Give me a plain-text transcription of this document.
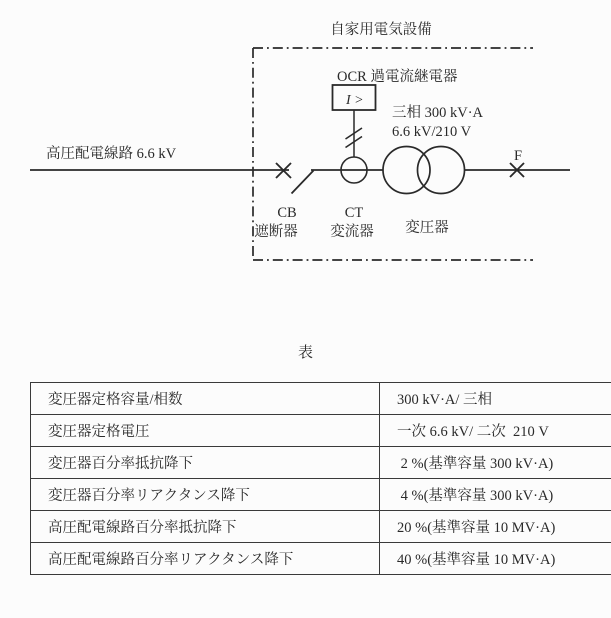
自家用電気設備
OCR 過電流継電器
I >
F
高圧配電線路 6.6 kV
三相 300 kV·A
6.6 kV/210 V
CB
遮断器
CT
変流器 変圧器
表
変圧器定格容量/相数	300 kV·A/ 三相
変圧器定格電圧	一次 6.6 kV/ 二次  210 V
変圧器百分率抵抗降下	2 %(基準容量 300 kV·A)
変圧器百分率リアクタンス降下	4 %(基準容量 300 kV·A)
高圧配電線路百分率抵抗降下	20 %(基準容量 10 MV·A)
高圧配電線路百分率リアクタンス降下	40 %(基準容量 10 MV·A)
